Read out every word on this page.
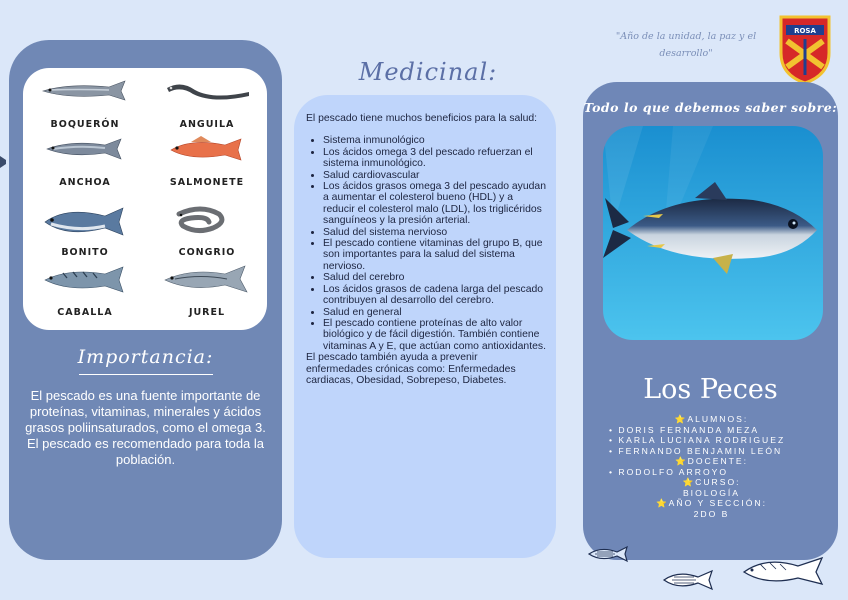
BOQUERÓN	ANGUILA
ANCHOA	SALMONETE
BONITO	CONGRIO
CABALLA	JUREL
Importancia:
El pescado es una fuente importante de proteínas, vitaminas, minerales y ácidos grasos poliinsaturados, como el omega 3. El pescado es recomendado para toda la población.
Medicinal:

El pescado tiene muchos beneficios para la salud:

• Sistema inmunológico
• Los ácidos omega 3 del pescado refuerzan el sistema inmunológico.
• Salud cardiovascular
• Los ácidos grasos omega 3 del pescado ayudan a aumentar el colesterol bueno (HDL) y a reducir el colesterol malo (LDL), los triglicéridos sanguíneos y la presión arterial.
• Salud del sistema nervioso
• El pescado contiene vitaminas del grupo B, que son importantes para la salud del sistema nervioso.
• Salud del cerebro
• Los ácidos grasos de cadena larga del pescado contribuyen al desarrollo del cerebro.
• Salud en general
• El pescado contiene proteínas de alto valor biológico y de fácil digestión. También contiene vitaminas A y E, que actúan como antioxidantes.

El pescado también ayuda a prevenir enfermedades crónicas como: Enfermedades cardiacas, Obesidad, Sobrepeso, Diabetes.

"Año de la unidad, la paz y el desarrollo"
ROSA
Todo lo que debemos saber sobre:
Los Peces
⭐ALUMNOS:
• DORIS FERNANDA MEZA
• KARLA LUCIANA RODRIGUEZ
• FERNANDO BENJAMIN LEÓN
⭐DOCENTE:
• RODOLFO ARROYO
⭐CURSO:
BIOLOGÍA
⭐AÑO Y SECCIÓN:
2DO B
